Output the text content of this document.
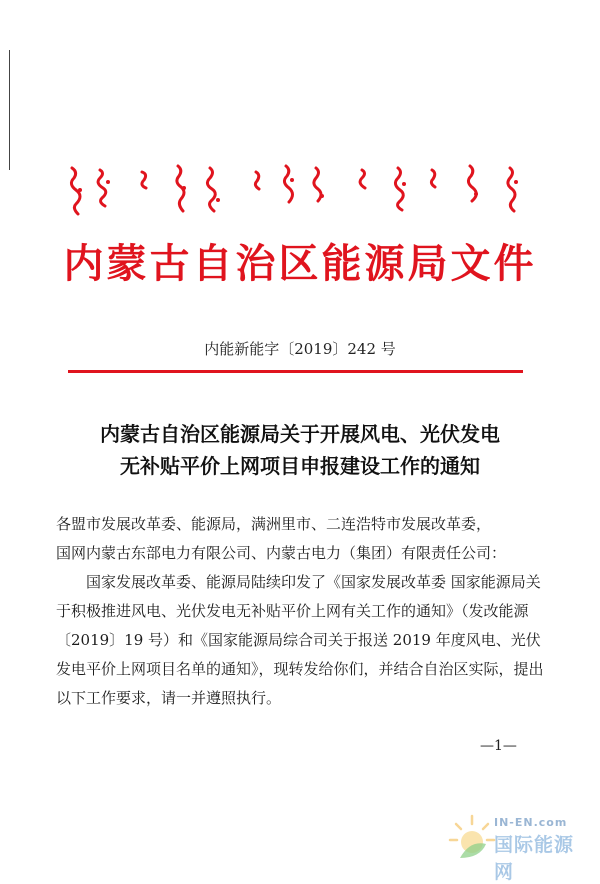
内蒙古自治区能源局文件
内能新能字〔2019〕242 号
内蒙古自治区能源局关于开展风电、光伏发电
无补贴平价上网项目申报建设工作的通知

各盟市发展改革委、能源局，满洲里市、二连浩特市发展改革委，

国网内蒙古东部电力有限公司、内蒙古电力（集团）有限责任公司：

国家发展改革委、能源局陆续印发了《国家发展改革委 国家能源局关于积极推进风电、光伏发电无补贴平价上网有关工作的通知》（发改能源〔2019〕19 号）和《国家能源局综合司关于报送 2019 年度风电、光伏发电平价上网项目名单的通知》，现转发给你们，并结合自治区实际，提出以下工作要求，请一并遵照执行。

—1—
IN-EN.com
国际能源网
